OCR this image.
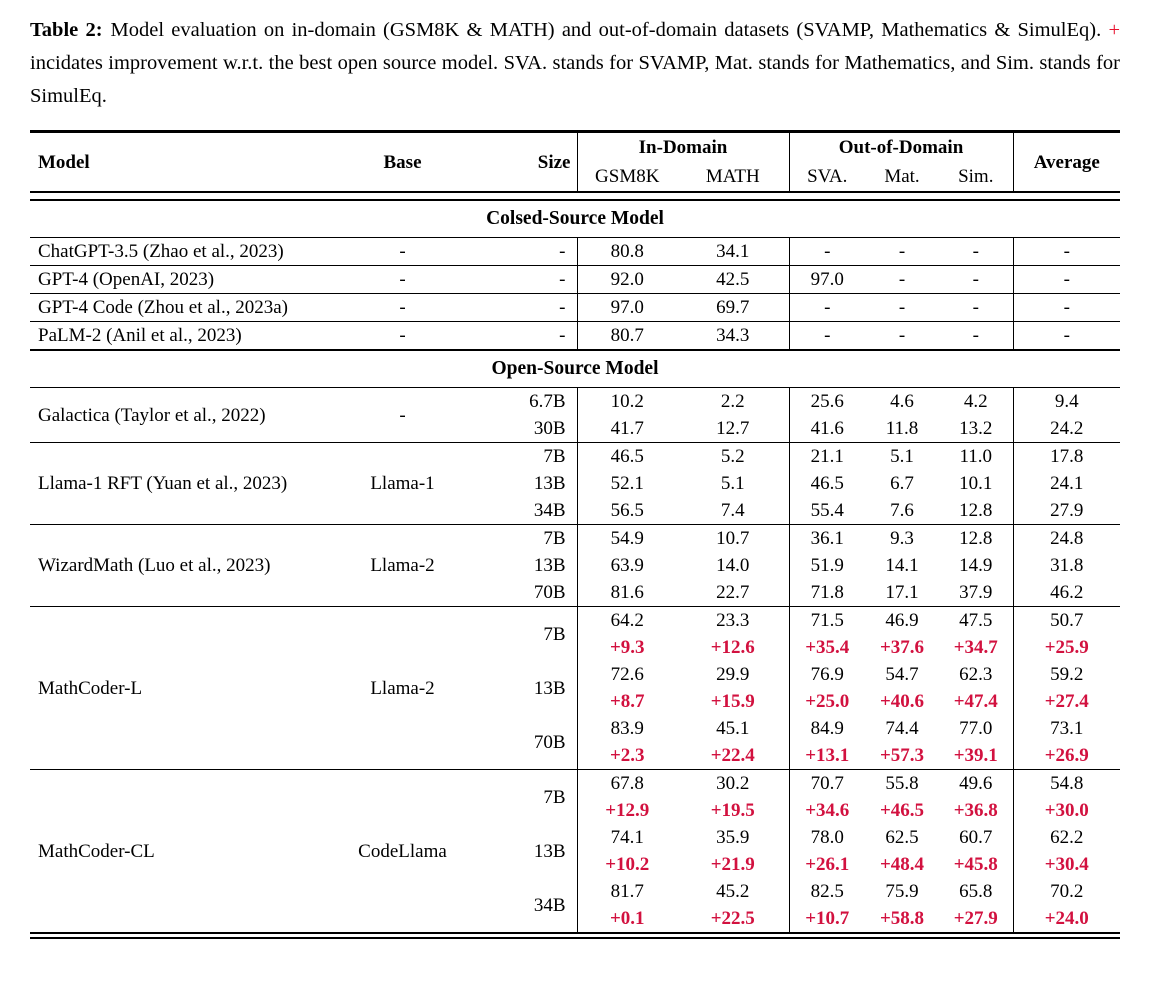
Table 2: Model evaluation on in-domain (GSM8K & MATH) and out-of-domain datasets (SVAMP, Mathematics & SimulEq). + incidates improvement w.r.t. the best open source model. SVA. stands for SVAMP, Mat. stands for Mathematics, and Sim. stands for SimulEq.

Model	Base	Size	In-Domain		Out-of-Domain			Average
			GSM8K	MATH	SVA.	Mat.	Sim.	

Colsed-Source Model								
ChatGPT-3.5 (Zhao et al., 2023)	-	-	80.8	34.1	-	-	-	-
GPT-4 (OpenAI, 2023)	-	-	92.0	42.5	97.0	-	-	-
GPT-4 Code (Zhou et al., 2023a)	-	-	97.0	69.7	-	-	-	-
PaLM-2 (Anil et al., 2023)	-	-	80.7	34.3	-	-	-	-
Open-Source Model								
Galactica (Taylor et al., 2022)	-	6.7B	10.2	2.2	25.6	4.6	4.2	9.4
		30B	41.7	12.7	41.6	11.8	13.2	24.2
Llama-1 RFT (Yuan et al., 2023)	Llama-1	7B	46.5	5.2	21.1	5.1	11.0	17.8
		13B	52.1	5.1	46.5	6.7	10.1	24.1
		34B	56.5	7.4	55.4	7.6	12.8	27.9
WizardMath (Luo et al., 2023)	Llama-2	7B	54.9	10.7	36.1	9.3	12.8	24.8
		13B	63.9	14.0	51.9	14.1	14.9	31.8
		70B	81.6	22.7	71.8	17.1	37.9	46.2
MathCoder-L	Llama-2	7B	64.2	23.3	71.5	46.9	47.5	50.7
			+9.3	+12.6	+35.4	+37.6	+34.7	+25.9
		13B	72.6	29.9	76.9	54.7	62.3	59.2
			+8.7	+15.9	+25.0	+40.6	+47.4	+27.4
		70B	83.9	45.1	84.9	74.4	77.0	73.1
			+2.3	+22.4	+13.1	+57.3	+39.1	+26.9
MathCoder-CL	CodeLlama	7B	67.8	30.2	70.7	55.8	49.6	54.8
			+12.9	+19.5	+34.6	+46.5	+36.8	+30.0
		13B	74.1	35.9	78.0	62.5	60.7	62.2
			+10.2	+21.9	+26.1	+48.4	+45.8	+30.4
		34B	81.7	45.2	82.5	75.9	65.8	70.2
			+0.1	+22.5	+10.7	+58.8	+27.9	+24.0
